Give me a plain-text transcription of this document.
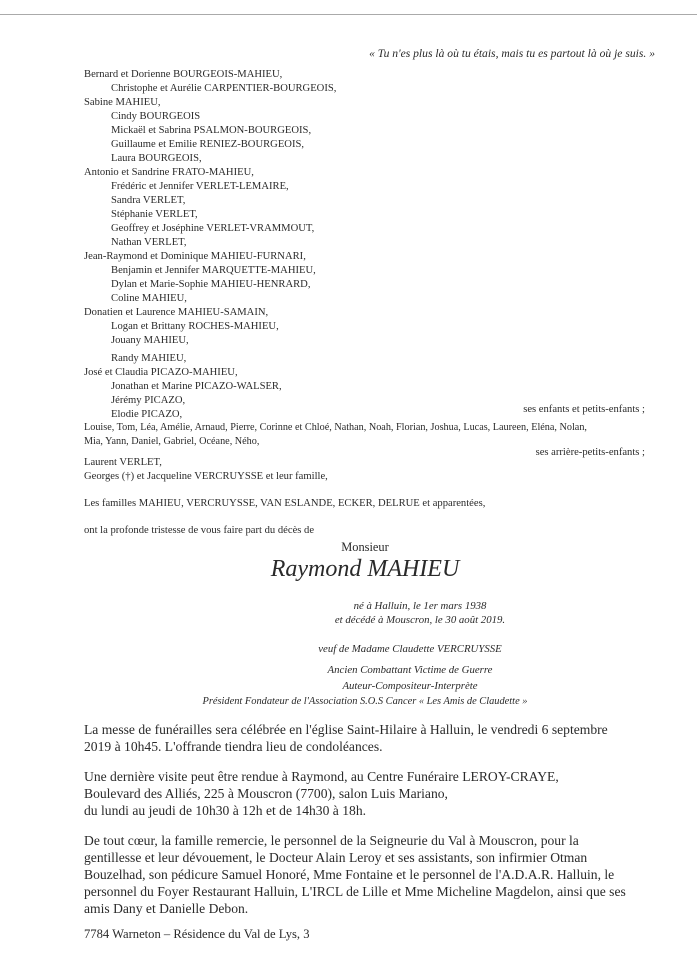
« Tu n'es plus là où tu étais, mais tu es partout là où je suis. »
Bernard et Dorienne BOURGEOIS-MAHIEU,
Christophe et Aurélie CARPENTIER-BOURGEOIS,
Sabine MAHIEU,
Cindy BOURGEOIS
Mickaël et Sabrina PSALMON-BOURGEOIS,
Guillaume et Emilie RENIEZ-BOURGEOIS,
Laura BOURGEOIS,
Antonio et Sandrine FRATO-MAHIEU,
Frédéric et Jennifer VERLET-LEMAIRE,
Sandra VERLET,
Stéphanie VERLET,
Geoffrey et Joséphine VERLET-VRAMMOUT,
Nathan VERLET,
Jean-Raymond et Dominique MAHIEU-FURNARI,
Benjamin et Jennifer MARQUETTE-MAHIEU,
Dylan et Marie-Sophie MAHIEU-HENRARD,
Coline MAHIEU,
Donatien et Laurence MAHIEU-SAMAIN,
Logan et Brittany ROCHES-MAHIEU,
Jouany MAHIEU,
Randy MAHIEU,
José et Claudia PICAZO-MAHIEU,
Jonathan et Marine PICAZO-WALSER,
Jérémy PICAZO,
Elodie PICAZO,	ses enfants et petits-enfants ;
Louise, Tom, Léa, Amélie, Arnaud, Pierre, Corinne et Chloé, Nathan, Noah, Florian, Joshua, Lucas, Laureen, Eléna, Nolan,
Mia, Yann, Daniel, Gabriel, Océane, Ného,
ses arrière-petits-enfants ;
Laurent VERLET,
Georges (†) et Jacqueline VERCRUYSSE et leur famille,
Les familles MAHIEU, VERCRUYSSE, VAN ESLANDE, ECKER, DELRUE et apparentées,
ont la profonde tristesse de vous faire part du décès de
Monsieur
Raymond MAHIEU
né à Halluin, le 1er mars 1938
et décédé à Mouscron, le 30 août 2019.
veuf de Madame Claudette VERCRUYSSE
Ancien Combattant Victime de Guerre
Auteur-Compositeur-Interprète
Président Fondateur de l'Association S.O.S Cancer « Les Amis de Claudette »
La messe de funérailles sera célébrée en l'église Saint-Hilaire à Halluin, le vendredi 6 septembre
2019 à 10h45. L'offrande tiendra lieu de condoléances.
Une dernière visite peut être rendue à Raymond, au Centre Funéraire LEROY-CRAYE,
Boulevard des Alliés, 225 à Mouscron (7700), salon Luis Mariano,
du lundi au jeudi de 10h30 à 12h et de 14h30 à 18h.
De tout cœur, la famille remercie, le personnel de la Seigneurie du Val à Mouscron, pour la
gentillesse et leur dévouement, le Docteur Alain Leroy et ses assistants, son infirmier Otman
Bouzelhad, son pédicure Samuel Honoré, Mme Fontaine et le personnel de l'A.D.A.R. Halluin, le
personnel du Foyer Restaurant Halluin, L'IRCL de Lille et Mme Micheline Magdelon, ainsi que ses
amis Dany et Danielle Debon.
7784 Warneton – Résidence du Val de Lys, 3
